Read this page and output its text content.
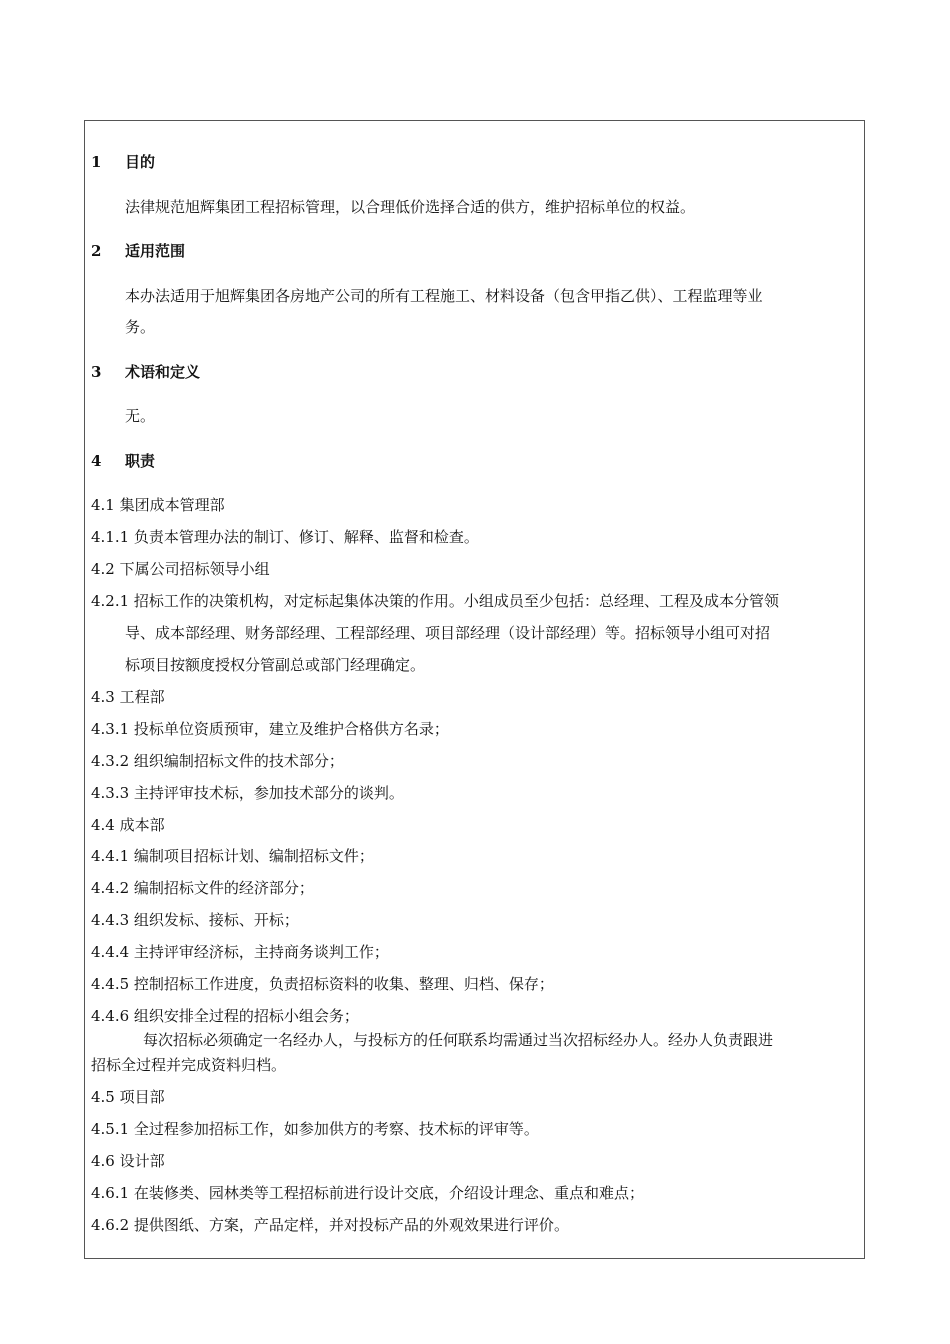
1 目的
法律规范旭辉集团工程招标管理，以合理低价选择合适的供方，维护招标单位的权益。
2 适用范围
本办法适用于旭辉集团各房地产公司的所有工程施工、材料设备（包含甲指乙供）、工程监理等业
务。
3 术语和定义
无。
4 职责
4.1 集团成本管理部
4.1.1 负责本管理办法的制订、修订、解释、监督和检查。
4.2 下属公司招标领导小组
4.2.1 招标工作的决策机构，对定标起集体决策的作用。小组成员至少包括：总经理、工程及成本分管领
导、成本部经理、财务部经理、工程部经理、项目部经理（设计部经理）等。招标领导小组可对招
标项目按额度授权分管副总或部门经理确定。
4.3 工程部
4.3.1 投标单位资质预审，建立及维护合格供方名录；
4.3.2 组织编制招标文件的技术部分；
4.3.3 主持评审技术标，参加技术部分的谈判。
4.4 成本部
4.4.1 编制项目招标计划、编制招标文件；
4.4.2 编制招标文件的经济部分；
4.4.3 组织发标、接标、开标；
4.4.4 主持评审经济标，主持商务谈判工作；
4.4.5 控制招标工作进度，负责招标资料的收集、整理、归档、保存；
4.4.6 组织安排全过程的招标小组会务；
每次招标必须确定一名经办人，与投标方的任何联系均需通过当次招标经办人。经办人负责跟进
招标全过程并完成资料归档。
4.5 项目部
4.5.1 全过程参加招标工作，如参加供方的考察、技术标的评审等。
4.6 设计部
4.6.1 在装修类、园林类等工程招标前进行设计交底，介绍设计理念、重点和难点；
4.6.2 提供图纸、方案，产品定样，并对投标产品的外观效果进行评价。
